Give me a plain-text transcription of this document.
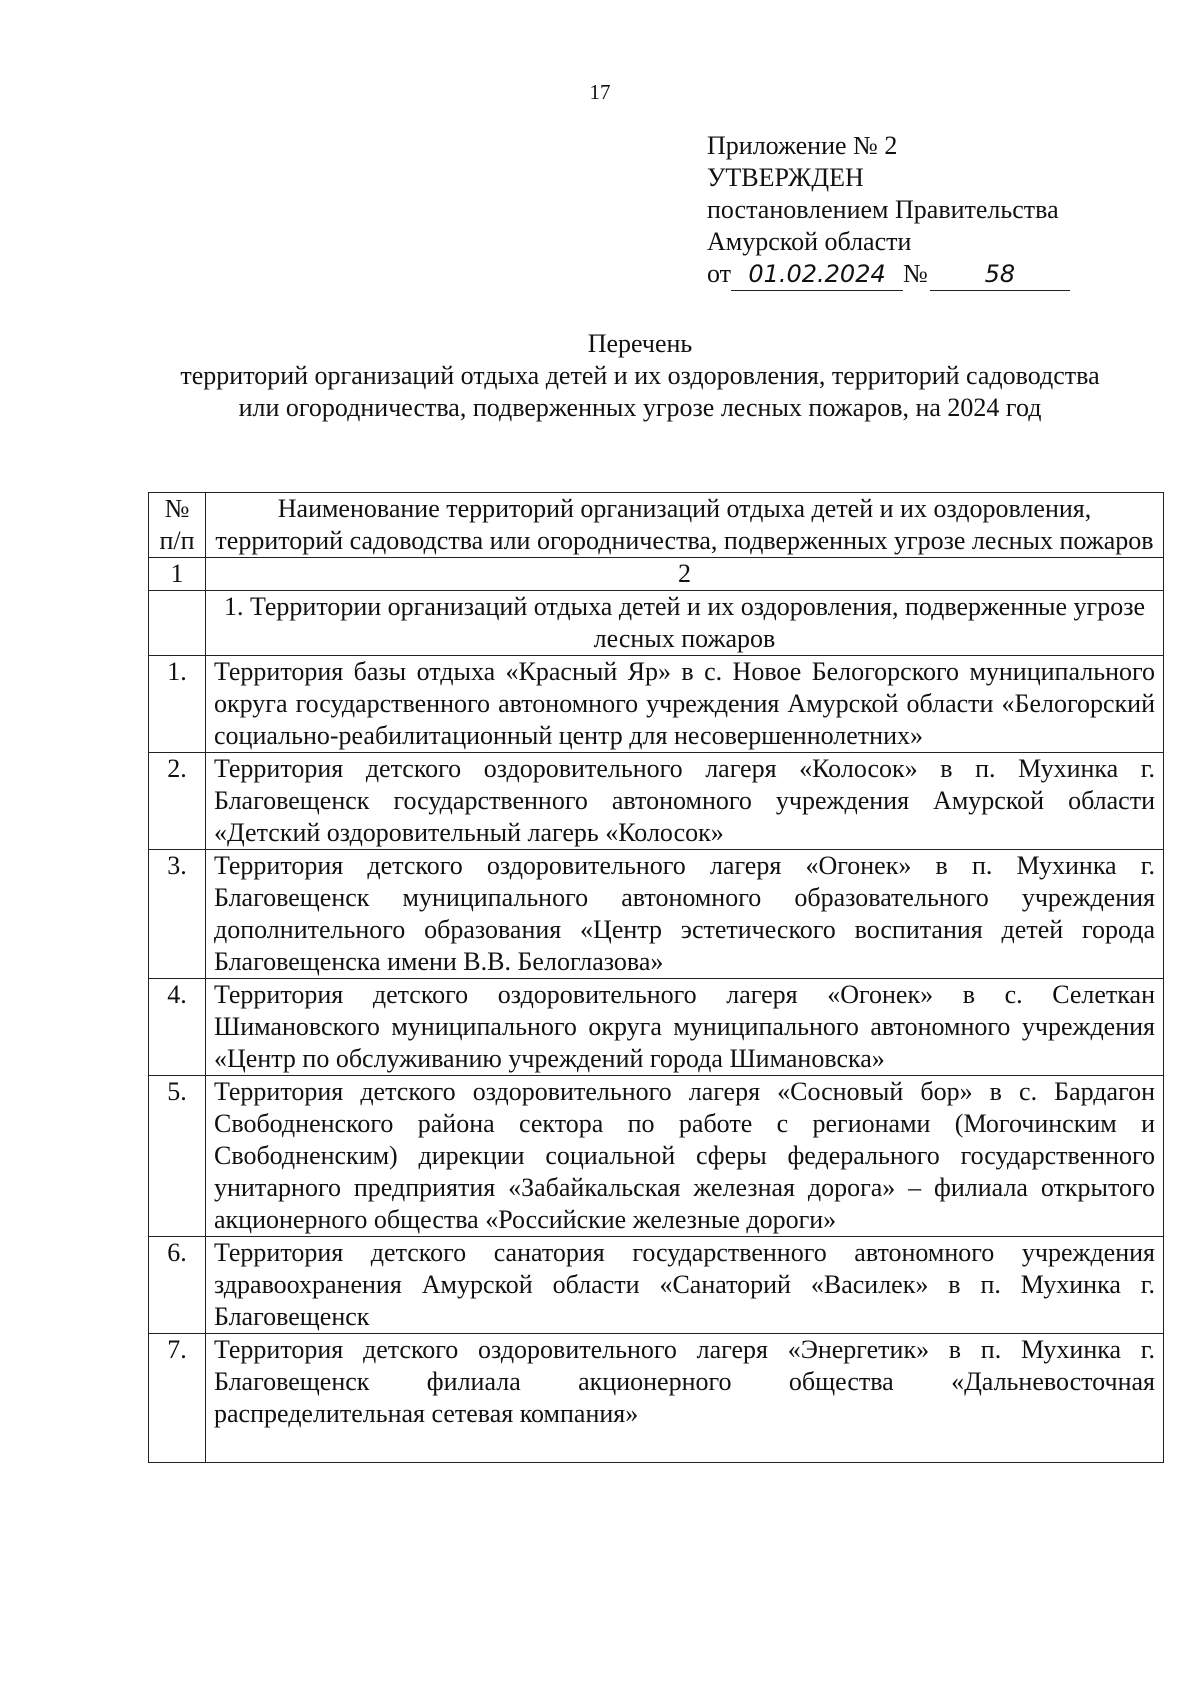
17
Приложение № 2
УТВЕРЖДЕН
постановлением Правительства
Амурской области
от 01.02.2024 №	58
Перечень
территорий организаций отдыха детей и их оздоровления, территорий садоводства или огородничества, подверженных угрозе лесных пожаров, на 2024 год
№ п/п	Наименование территорий организаций отдыха детей и их оздоровления, территорий садоводства или огородничества, подверженных угрозе лесных пожаров
1	2
	1. Территории организаций отдыха детей и их оздоровления, подверженные угрозе лесных пожаров
1.	Территория базы отдыха «Красный Яр» в с. Новое Белогорского муниципального округа государственного автономного учреждения Амурской области «Белогорский социально-реабилитационный центр для несовершеннолетних»
2.	Территория детского оздоровительного лагеря «Колосок» в п. Мухинка г. Благовещенск государственного автономного учреждения Амурской области «Детский оздоровительный лагерь «Колосок»
3.	Территория детского оздоровительного лагеря «Огонек» в п. Мухинка г. Благовещенск муниципального автономного образовательного учреждения дополнительного образования «Центр эстетического воспитания детей города Благовещенска имени В.В. Белоглазова»
4.	Территория детского оздоровительного лагеря «Огонек» в с. Селеткан Шимановского муниципального округа муниципального автономного учреждения «Центр по обслуживанию учреждений города Шимановска»
5.	Территория детского оздоровительного лагеря «Сосновый бор» в с. Бардагон Свободненского района сектора по работе с регионами (Могочинским и Свободненским) дирекции социальной сферы федерального государственного унитарного предприятия «Забайкальская железная дорога» – филиала открытого акционерного общества «Российские железные дороги»
6.	Территория детского санатория государственного автономного учреждения здравоохранения Амурской области «Санаторий «Василек» в п. Мухинка г. Благовещенск
7.	Территория детского оздоровительного лагеря «Энергетик» в п. Мухинка г. Благовещенск филиала акционерного общества «Дальневосточная распределительная сетевая компания»
